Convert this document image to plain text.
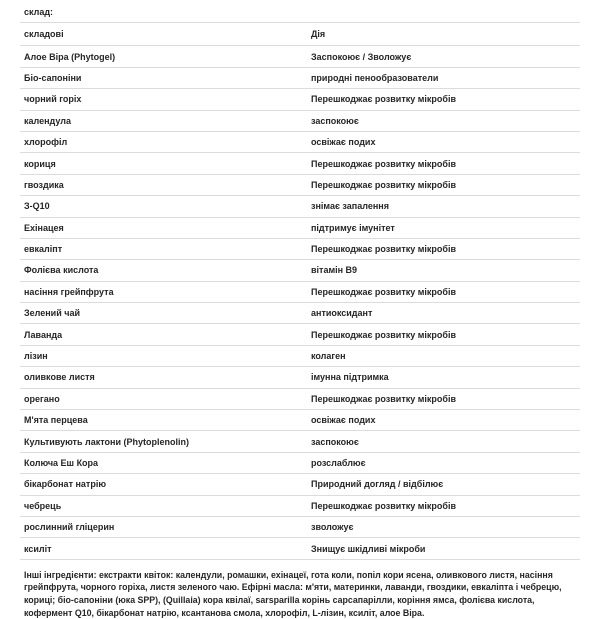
склад:	
складові	Дія
Алое Віра (Phytogel)	Заспокоює / Зволожує
Біо-сапоніни	природні пенообразователи
чорний горіх	Перешкоджає розвитку мікробів
календула	заспокоює
хлорофіл	освіжає подих
кориця	Перешкоджає розвитку мікробів
гвоздика	Перешкоджає розвитку мікробів
З-Q10	знімає запалення
Ехінацея	підтримує імунітет
евкаліпт	Перешкоджає розвитку мікробів
Фолієва кислота	вітамін B9
насіння грейпфрута	Перешкоджає розвитку мікробів
Зелений чай	антиоксидант
Лаванда	Перешкоджає розвитку мікробів
лізин	колаген
оливкове листя	імунна підтримка
орегано	Перешкоджає розвитку мікробів
М'ята перцева	освіжає подих
Культивують лактони (Phytoplenolin)	заспокоює
Колюча Еш Кора	розслаблює
бікарбонат натрію	Природний догляд / відбілює
чебрець	Перешкоджає розвитку мікробів
рослинний гліцерин	зволожує
ксиліт	Знищує шкідливі мікроби
Інші інгредієнти: екстракти квіток: календули, ромашки, ехінацеї, гота коли, попіл кори ясена, оливкового листя, насіння грейпфрута, чорного горіха, листя зеленого чаю. Ефірні масла: м'яти, материнки, лаванди, гвоздики, евкаліпта і чебрецю, кориці; біо-сапоніни (юка SPP), (Quillaia) кора квілаї, sarsparilla корінь сарсапарілли, коріння ямса, фолієва кислота, кофермент Q10, бікарбонат натрію, ксантанова смола, хлорофіл, L-лізин, ксиліт, алое Віра.
